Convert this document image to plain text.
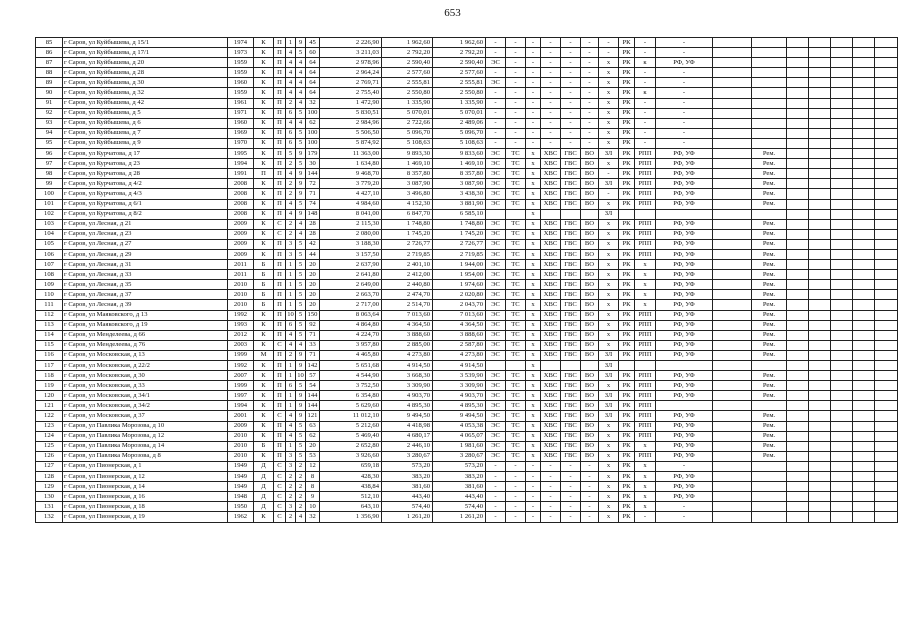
653
85	г Саров, ул Куйбышева, д 15/1	1974	К	П	1	9	45	2 226,90	1 962,60	1 962,60	-	-	-	-	-	-	-	РК	-	-							
86	г Саров, ул Куйбышева, д 17/1	1973	К	П	4	5	60	3 211,03	2 792,20	2 792,20	-	-	-	-	-	-	-	РК	-	-							
87	г Саров, ул Куйбышева, д 20	1959	К	П	4	4	64	2 978,96	2 590,40	2 590,40	ЭС	-	-	-	-	-	х	РК	к	РФ, УФ							
88	г Саров, ул Куйбышева, д 28	1959	К	П	4	4	64	2 964,24	2 577,60	2 577,60	-	-	-	-	-	-	х	РК	-	-							
89	г Саров, ул Куйбышева, д 30	1960	К	П	4	4	64	2 769,71	2 555,81	2 555,81	ЭС	-	-	-	-	-	х	РК	-	-							
90	г Саров, ул Куйбышева, д 32	1959	К	П	4	4	64	2 755,40	2 550,80	2 550,80	-	-	-	-	-	-	х	РК	к	-							
91	г Саров, ул Куйбышева, д 42	1961	К	П	2	4	32	1 472,90	1 335,90	1 335,90	-	-	-	-	-	-	х	РК	-	-							
92	г Саров, ул Куйбышева, д 5	1971	К	П	6	5	100	5 830,51	5 070,01	5 070,01	-	-	-	-	-	-	х	РК	-	-							
93	г Саров, ул Куйбышева, д 6	1960	К	П	4	4	62	2 984,96	2 722,66	2 489,06	-	-	-	-	-	-	х	РК	-	-							
94	г Саров, ул Куйбышева, д 7	1969	К	П	6	5	100	5 506,50	5 096,70	5 096,70	-	-	-	-	-	-	х	РК	-	-							
95	г Саров, ул Куйбышева, д 9	1970	К	П	6	5	100	5 874,92	5 108,63	5 108,63	-	-	-	-	-	-	х	РК	-	-							
96	г Саров, ул Курчатова, д 17	1995	К	П	5	9	179	11 363,00	9 893,30	9 833,60	ЭС	ТС	х	ХВС	ГВС	ВО	ЗЛ	РК	РПП	РФ, УФ		Рем.					
97	г Саров, ул Курчатова, д 23	1994	К	П	2	5	30	1 634,80	1 469,10	1 469,10	ЭС	ТС	х	ХВС	ГВС	ВО	х	РК	РПП	РФ, УФ		Рем.					
98	г Саров, ул Курчатова, д 28	1991	П	П	4	9	144	9 468,70	8 357,80	8 357,80	ЭС	ТС	х	ХВС	ГВС	ВО	-	РК	РПП	РФ, УФ		Рем.					
99	г Саров, ул Курчатова, д 4/2	2008	К	П	2	9	72	3 779,20	3 087,90	3 087,90	ЭС	ТС	х	ХВС	ГВС	ВО	ЗЛ	РК	РПП	РФ, УФ		Рем.					
100	г Саров, ул Курчатова, д 4/3	2008	К	П	2	9	71	4 427,10	3 496,80	3 438,30	ЭС	ТС	х	ХВС	ГВС	ВО	-	РК	РПП	РФ, УФ		Рем.					
101	г Саров, ул Курчатова, д 6/1	2008	К	П	4	5	74	4 984,60	4 152,30	3 881,90	ЭС	ТС	х	ХВС	ГВС	ВО	х	РК	РПП	РФ, УФ		Рем.					
102	г Саров, ул Курчатова, д 8/2	2008	К	П	4	9	148	8 041,00	6 847,70	6 585,10			х				ЗЛ										
103	г Саров, ул Лесная, д 21	2009	К	С	2	4	28	2 115,30	1 748,80	1 748,80	ЭС	ТС	х	ХВС	ГВС	ВО	х	РК	РПП	РФ, УФ		Рем.					
104	г Саров, ул Лесная, д 23	2009	К	С	2	4	28	2 080,00	1 745,20	1 745,20	ЭС	ТС	х	ХВС	ГВС	ВО	х	РК	РПП	РФ, УФ		Рем.					
105	г Саров, ул Лесная, д 27	2009	К	П	3	5	42	3 188,30	2 726,77	2 726,77	ЭС	ТС	х	ХВС	ГВС	ВО	х	РК	РПП	РФ, УФ		Рем.					
106	г Саров, ул Лесная, д 29	2009	К	П	3	5	44	3 157,50	2 719,85	2 719,85	ЭС	ТС	х	ХВС	ГВС	ВО	х	РК	РПП	РФ, УФ		Рем.					
107	г Саров, ул Лесная, д 31	2011	Б	П	1	5	20	2 637,90	2 401,10	1 944,00	ЭС	ТС	х	ХВС	ГВС	ВО	х	РК	х	РФ, УФ		Рем.					
108	г Саров, ул Лесная, д 33	2011	Б	П	1	5	20	2 641,80	2 412,00	1 954,00	ЭС	ТС	х	ХВС	ГВС	ВО	х	РК	х	РФ, УФ		Рем.					
109	г Саров, ул Лесная, д 35	2010	Б	П	1	5	20	2 649,00	2 440,80	1 974,60	ЭС	ТС	х	ХВС	ГВС	ВО	х	РК	х	РФ, УФ		Рем.					
110	г Саров, ул Лесная, д 37	2010	Б	П	1	5	20	2 663,70	2 474,70	2 020,80	ЭС	ТС	х	ХВС	ГВС	ВО	х	РК	х	РФ, УФ		Рем.					
111	г Саров, ул Лесная, д 39	2010	Б	П	1	5	20	2 717,00	2 514,70	2 043,70	ЭС	ТС	х	ХВС	ГВС	ВО	х	РК	х	РФ, УФ		Рем.					
112	г Саров, ул Маяковского, д 13	1992	К	П	10	5	150	8 063,64	7 013,60	7 013,60	ЭС	ТС	х	ХВС	ГВС	ВО	х	РК	РПП	РФ, УФ		Рем.					
113	г Саров, ул Маяковского, д 19	1993	К	П	6	5	92	4 864,80	4 364,50	4 364,50	ЭС	ТС	х	ХВС	ГВС	ВО	х	РК	РПП	РФ, УФ		Рем.					
114	г Саров, ул Менделеева, д 66	2012	К	П	4	5	71	4 224,70	3 888,60	3 888,60	ЭС	ТС	х	ХВС	ГВС	ВО	х	РК	РПП	РФ, УФ		Рем.					
115	г Саров, ул Менделеева, д 76	2003	К	С	4	4	33	3 957,80	2 885,00	2 587,80	ЭС	ТС	х	ХВС	ГВС	ВО	х	РК	РПП	РФ, УФ		Рем.					
116	г Саров, ул Московская, д 13	1999	М	П	2	9	71	4 465,80	4 273,80	4 273,80	ЭС	ТС	х	ХВС	ГВС	ВО	ЗЛ	РК	РПП	РФ, УФ		Рем.					
117	г Саров, ул Московская, д 22/2	1992	К	П	1	9	142	5 651,68	4 914,50	4 914,50			х				ЗЛ										
118	г Саров, ул Московская, д 30	2007	К	П	1	10	57	4 544,90	3 668,30	3 539,90	ЭС	ТС	х	ХВС	ГВС	ВО	ЗЛ	РК	РПП	РФ, УФ		Рем.					
119	г Саров, ул Московская, д 33	1999	К	П	6	5	54	3 752,50	3 309,90	3 309,90	ЭС	ТС	х	ХВС	ГВС	ВО	х	РК	РПП	РФ, УФ		Рем.					
120	г Саров, ул Московская, д 34/1	1997	К	П	1	9	144	6 354,80	4 903,70	4 903,70	ЭС	ТС	х	ХВС	ГВС	ВО	ЗЛ	РК	РПП	РФ, УФ		Рем.					
121	г Саров, ул Московская, д 34/2	1994	К	П	1	9	144	5 629,60	4 895,30	4 895,30	ЭС	ТС	х	ХВС	ГВС	ВО	ЗЛ	РК	РПП								
122	г Саров, ул Московская, д 37	2001	К	С	4	9	121	11 012,10	9 494,50	9 494,50	ЭС	ТС	х	ХВС	ГВС	ВО	ЗЛ	РК	РПП	РФ, УФ		Рем.					
123	г Саров, ул Павлика Морозова, д 10	2009	К	П	4	5	63	5 212,60	4 418,98	4 053,38	ЭС	ТС	х	ХВС	ГВС	ВО	х	РК	РПП	РФ, УФ		Рем.					
124	г Саров, ул Павлика Морозова, д 12	2010	К	П	4	5	62	5 469,40	4 680,17	4 065,07	ЭС	ТС	х	ХВС	ГВС	ВО	х	РК	РПП	РФ, УФ		Рем.					
125	г Саров, ул Павлика Морозова, д 14	2010	Б	П	1	5	20	2 652,80	2 446,10	1 981,60	ЭС	ТС	х	ХВС	ГВС	ВО	х	РК	х	РФ, УФ		Рем.					
126	г Саров, ул Павлика Морозова, д 8	2010	К	П	3	5	53	3 926,60	3 280,67	3 280,67	ЭС	ТС	х	ХВС	ГВС	ВО	х	РК	РПП	РФ, УФ		Рем.					
127	г Саров, ул Пионерская, д 1	1949	Д	С	3	2	12	659,18	573,20	573,20	-	-	-	-	-	-	х	РК	х	-							
128	г Саров, ул Пионерская, д 12	1949	Д	С	2	2	8	428,30	383,20	383,20	-	-	-	-	-	-	х	РК	х	РФ, УФ							
129	г Саров, ул Пионерская, д 14	1949	Д	С	2	2	8	438,84	381,60	381,60	-	-	-	-	-	-	х	РК	х	РФ, УФ							
130	г Саров, ул Пионерская, д 16	1948	Д	С	2	2	9	512,10	443,40	443,40	-	-	-	-	-	-	х	РК	х	РФ, УФ							
131	г Саров, ул Пионерская, д 18	1950	Д	С	3	2	10	643,10	574,40	574,40	-	-	-	-	-	-	х	РК	х	-							
132	г Саров, ул Пионерская, д 19	1962	К	С	2	4	32	1 356,90	1 261,20	1 261,20	-	-	-	-	-	-	х	РК	-	-							
